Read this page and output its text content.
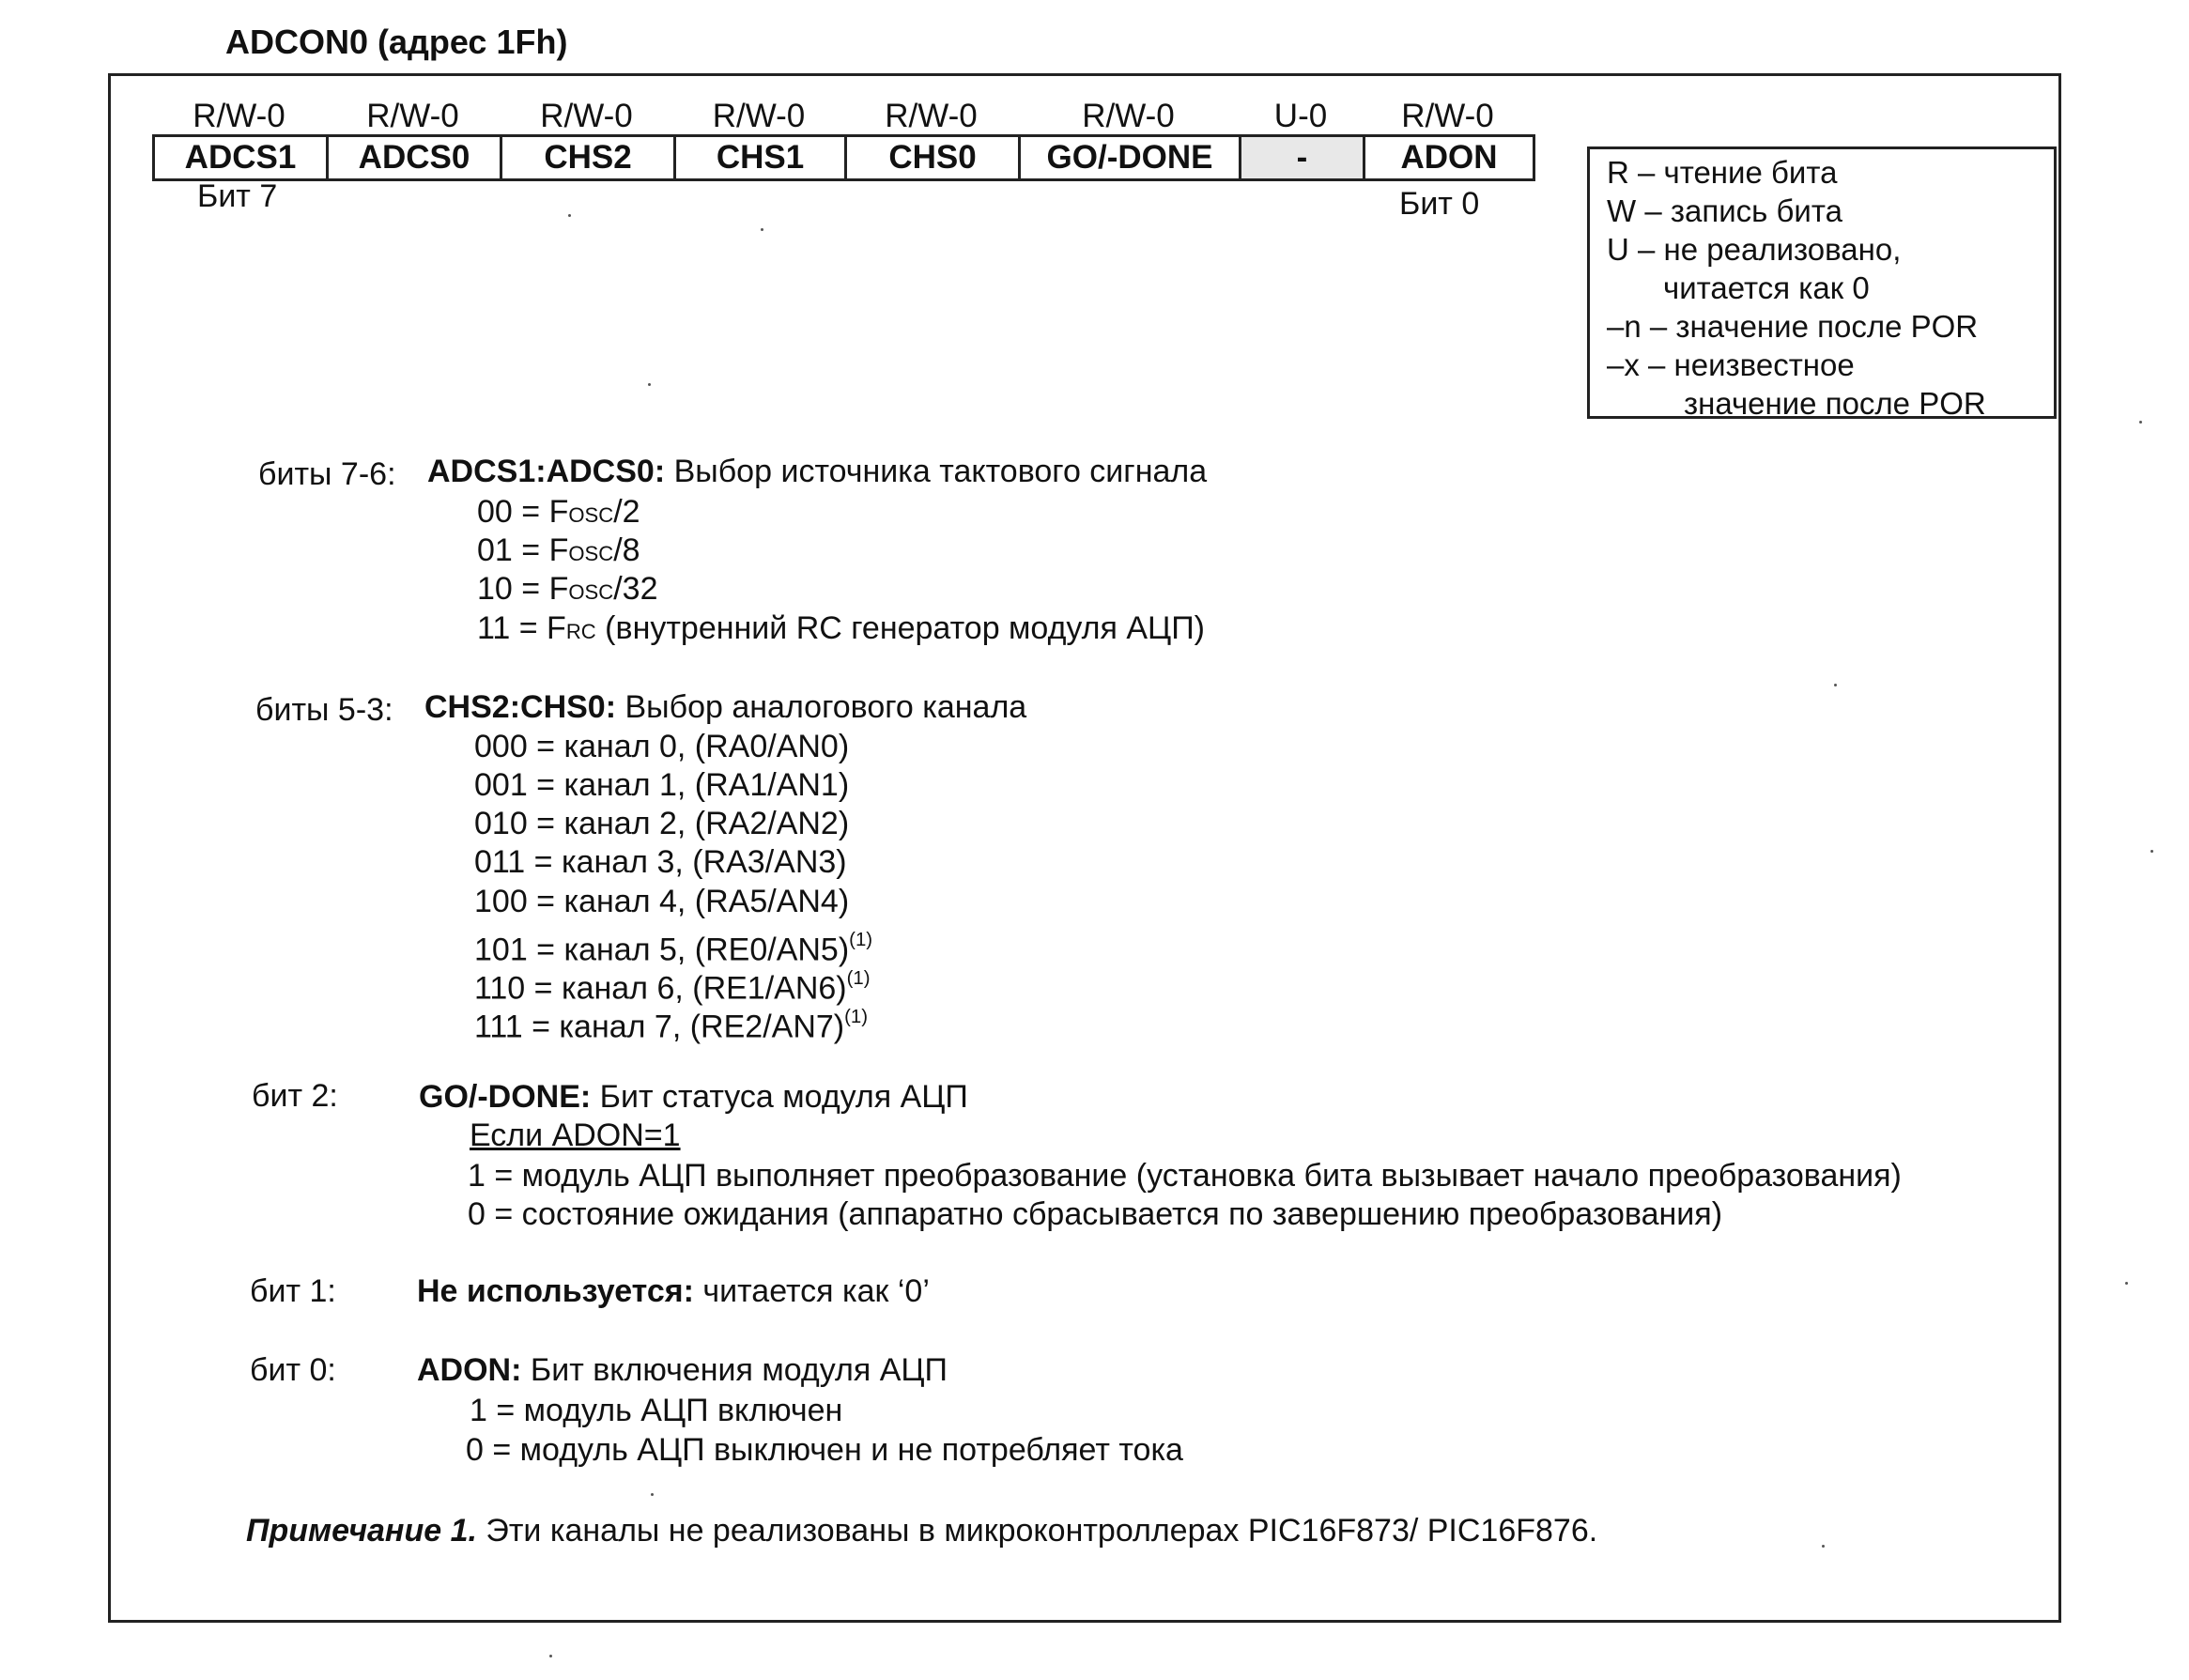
ADCON0 (адрес 1Fh)
R/W-0	R/W-0	R/W-0	R/W-0	R/W-0	R/W-0	U-0	R/W-0
ADCS1	ADCS0	CHS2	CHS1	CHS0	GO/-DONE	-	ADON
Бит 7	Бит 0
R – чтение бита
W – запись бита
U – не реализовано,
читается как 0
–n – значение после POR
–x – неизвестное
значение после POR
биты 7-6: ADCS1:ADCS0: Выбор источника тактового сигнала
00 = FOSC/2
01 = FOSC/8
10 = FOSC/32
11 = FRC (внутренний RC генератор модуля АЦП)
биты 5-3: CHS2:CHS0: Выбор аналогового канала
000 = канал 0, (RA0/AN0)
001 = канал 1, (RA1/AN1)
010 = канал 2, (RA2/AN2)
011 = канал 3, (RA3/AN3)
100 = канал 4, (RA5/AN4)
101 = канал 5, $(RE0/AN5)^{(1)}$
110 = канал 6, $(RE1/AN6)^{(1)}$
111 = канал 7, $(RE2/AN7)^{(1)}$
бит 2:	GO/-DONE: Бит статуса модуля АЦП
Если ADON=1
1 = модуль АЦП выполняет преобразование (установка бита вызывает начало преобразования)
0 = состояние ожидания (аппаратно сбрасывается по завершению преобразования)
бит 1:	Не используется: читается как ‘0’
бит 0:	ADON: Бит включения модуля АЦП
1 = модуль АЦП включен
0 = модуль АЦП выключен и не потребляет тока
Примечание 1. Эти каналы не реализованы в микроконтроллерах PIC16F873/ PIC16F876.
